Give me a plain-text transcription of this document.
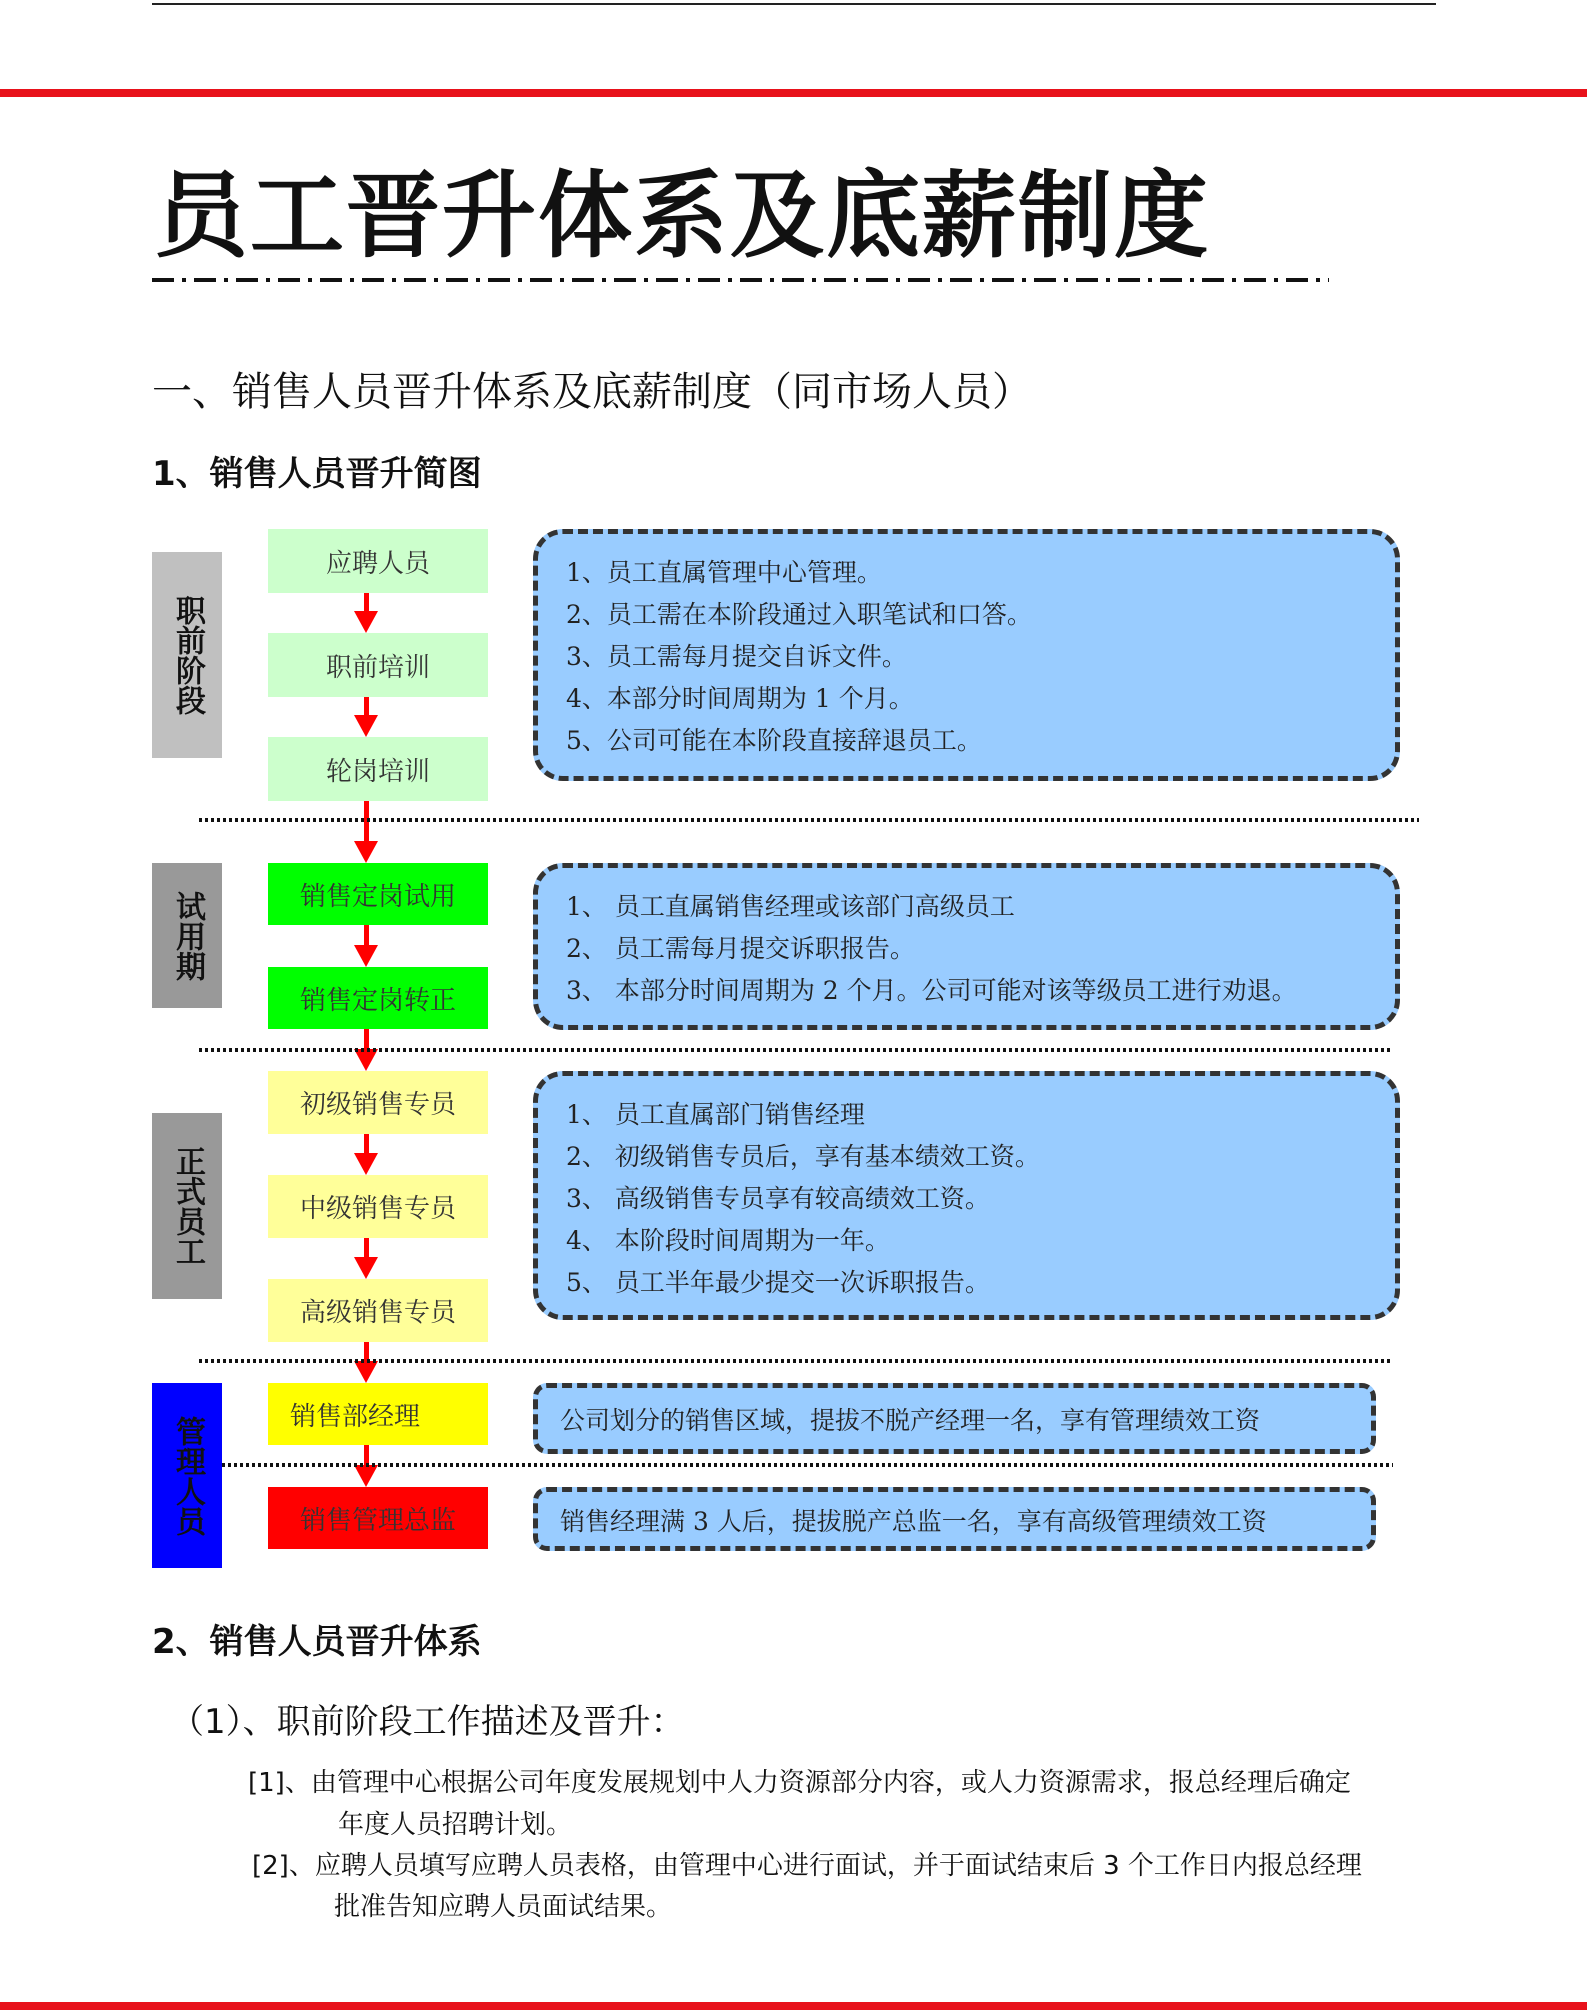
员工晋升体系及底薪制度
一、销售人员晋升体系及底薪制度（同市场人员）
1、销售人员晋升简图
职前阶段
试用期
正式员工
管理人员
应聘人员
职前培训
轮岗培训
销售定岗试用
销售定岗转正
初级销售专员
中级销售专员
高级销售专员
销售部经理
销售管理总监
1、员工直属管理中心管理。
2、员工需在本阶段通过入职笔试和口答。
3、员工需每月提交自诉文件。
4、本部分时间周期为 1 个月。
5、公司可能在本阶段直接辞退员工。
1、 员工直属销售经理或该部门高级员工
2、 员工需每月提交诉职报告。
3、 本部分时间周期为 2 个月。公司可能对该等级员工进行劝退。
1、 员工直属部门销售经理
2、 初级销售专员后，享有基本绩效工资。
3、 高级销售专员享有较高绩效工资。
4、 本阶段时间周期为一年。
5、 员工半年最少提交一次诉职报告。
公司划分的销售区域，提拔不脱产经理一名，享有管理绩效工资
销售经理满 3 人后，提拔脱产总监一名，享有高级管理绩效工资
2、销售人员晋升体系
（1）、职前阶段工作描述及晋升：
[1]、由管理中心根据公司年度发展规划中人力资源部分内容，或人力资源需求，报总经理后确定
年度人员招聘计划。
[2]、应聘人员填写应聘人员表格，由管理中心进行面试，并于面试结束后 3 个工作日内报总经理
批准告知应聘人员面试结果。
